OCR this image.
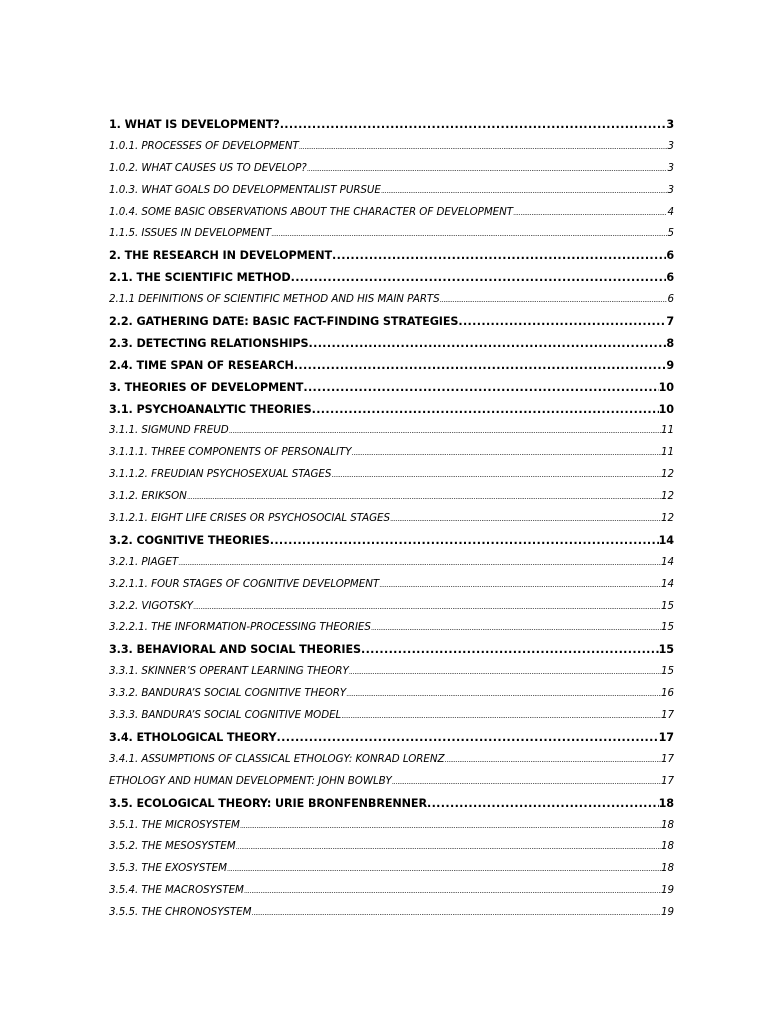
1. WHAT IS DEVELOPMENT? .....	3
1.0.1. PROCESSES OF DEVELOPMENT .....	3
1.0.2. WHAT CAUSES US TO DEVELOP? .....	3
1.0.3. WHAT GOALS DO DEVELOPMENTALIST PURSUE .....	3
1.0.4. SOME BASIC OBSERVATIONS ABOUT THE CHARACTER OF DEVELOPMENT .....	4
1.1.5. ISSUES IN DEVELOPMENT .....	5
2. THE RESEARCH IN DEVELOPMENT .....	6
2.1. THE SCIENTIFIC METHOD .....	6
2.1.1 DEFINITIONS OF SCIENTIFIC METHOD AND HIS MAIN PARTS .....	6
2.2. GATHERING DATE: BASIC FACT-FINDING STRATEGIES .....	7
2.3. DETECTING RELATIONSHIPS .....	8
2.4. TIME SPAN OF RESEARCH .....	9
3. THEORIES OF DEVELOPMENT .....	10
3.1. PSYCHOANALYTIC THEORIES .....	10
3.1.1. SIGMUND FREUD .....	11
3.1.1.1. THREE COMPONENTS OF PERSONALITY .....	11
3.1.1.2. FREUDIAN PSYCHOSEXUAL STAGES .....	12
3.1.2. ERIKSON .....	12
3.1.2.1. EIGHT LIFE CRISES OR PSYCHOSOCIAL STAGES .....	12
3.2. COGNITIVE THEORIES .....	14
3.2.1. PIAGET .....	14
3.2.1.1. FOUR STAGES OF COGNITIVE DEVELOPMENT .....	14
3.2.2. VIGOTSKY .....	15
3.2.2.1. THE INFORMATION-PROCESSING THEORIES .....	15
3.3. BEHAVIORAL AND SOCIAL THEORIES .....	15
3.3.1. SKINNER’S OPERANT LEARNING THEORY .....	15
3.3.2. BANDURA’S SOCIAL COGNITIVE THEORY .....	16
3.3.3. BANDURA’S SOCIAL COGNITIVE MODEL .....	17
3.4. ETHOLOGICAL THEORY .....	17
3.4.1. ASSUMPTIONS OF CLASSICAL ETHOLOGY: KONRAD LORENZ .....	17
ETHOLOGY AND HUMAN DEVELOPMENT: JOHN BOWLBY .....	17
3.5. ECOLOGICAL THEORY: URIE BRONFENBRENNER .....	18
3.5.1. THE MICROSYSTEM .....	18
3.5.2. THE MESOSYSTEM .....	18
3.5.3. THE EXOSYSTEM .....	18
3.5.4. THE MACROSYSTEM .....	19
3.5.5. THE CHRONOSYSTEM .....	19
